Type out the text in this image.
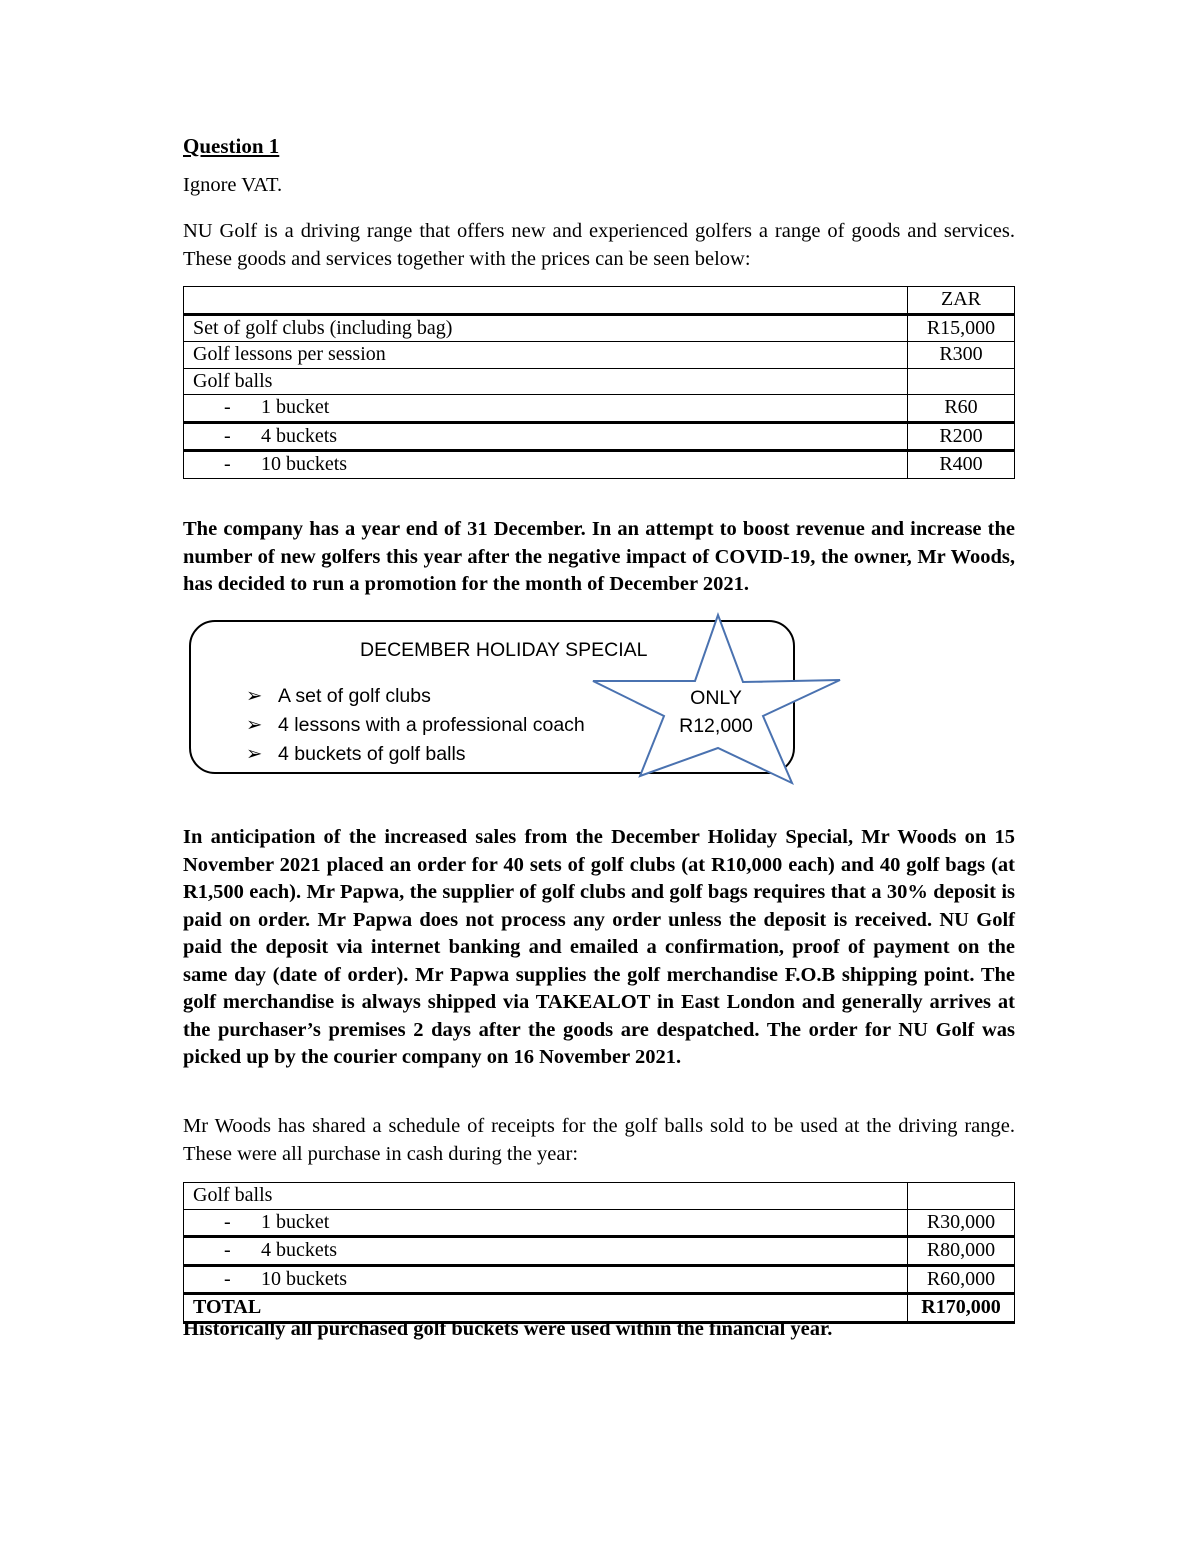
Question 1
Ignore VAT.
NU Golf is a driving range that offers new and experienced golfers a range of goods and services. These goods and services together with the prices can be seen below:
	ZAR
Set of golf clubs (including bag)	R15,000
Golf lessons per session	R300
Golf balls	
- 1 bucket	R60
- 4 buckets	R200
- 10 buckets	R400
The company has a year end of 31 December. In an attempt to boost revenue and increase the number of new golfers this year after the negative impact of COVID-19, the owner, Mr Woods, has decided to run a promotion for the month of December 2021.
DECEMBER HOLIDAY SPECIAL
➢ A set of golf clubs
➢ 4 lessons with a professional coach
➢ 4 buckets of golf balls
ONLY
R12,000
In anticipation of the increased sales from the December Holiday Special, Mr Woods on 15 November 2021 placed an order for 40 sets of golf clubs (at R10,000 each) and 40 golf bags (at R1,500 each). Mr Papwa, the supplier of golf clubs and golf bags requires that a 30% deposit is paid on order. Mr Papwa does not process any order unless the deposit is received. NU Golf paid the deposit via internet banking and emailed a confirmation, proof of payment on the same day (date of order). Mr Papwa supplies the golf merchandise F.O.B shipping point. The golf merchandise is always shipped via TAKEALOT in East London and generally arrives at the purchaser’s premises 2 days after the goods are despatched. The order for NU Golf was picked up by the courier company on 16 November 2021.
Mr Woods has shared a schedule of receipts for the golf balls sold to be used at the driving range. These were all purchase in cash during the year:
Golf balls	
- 1 bucket	R30,000
- 4 buckets	R80,000
- 10 buckets	R60,000
TOTAL	R170,000
Historically all purchased golf buckets were used within the financial year.
